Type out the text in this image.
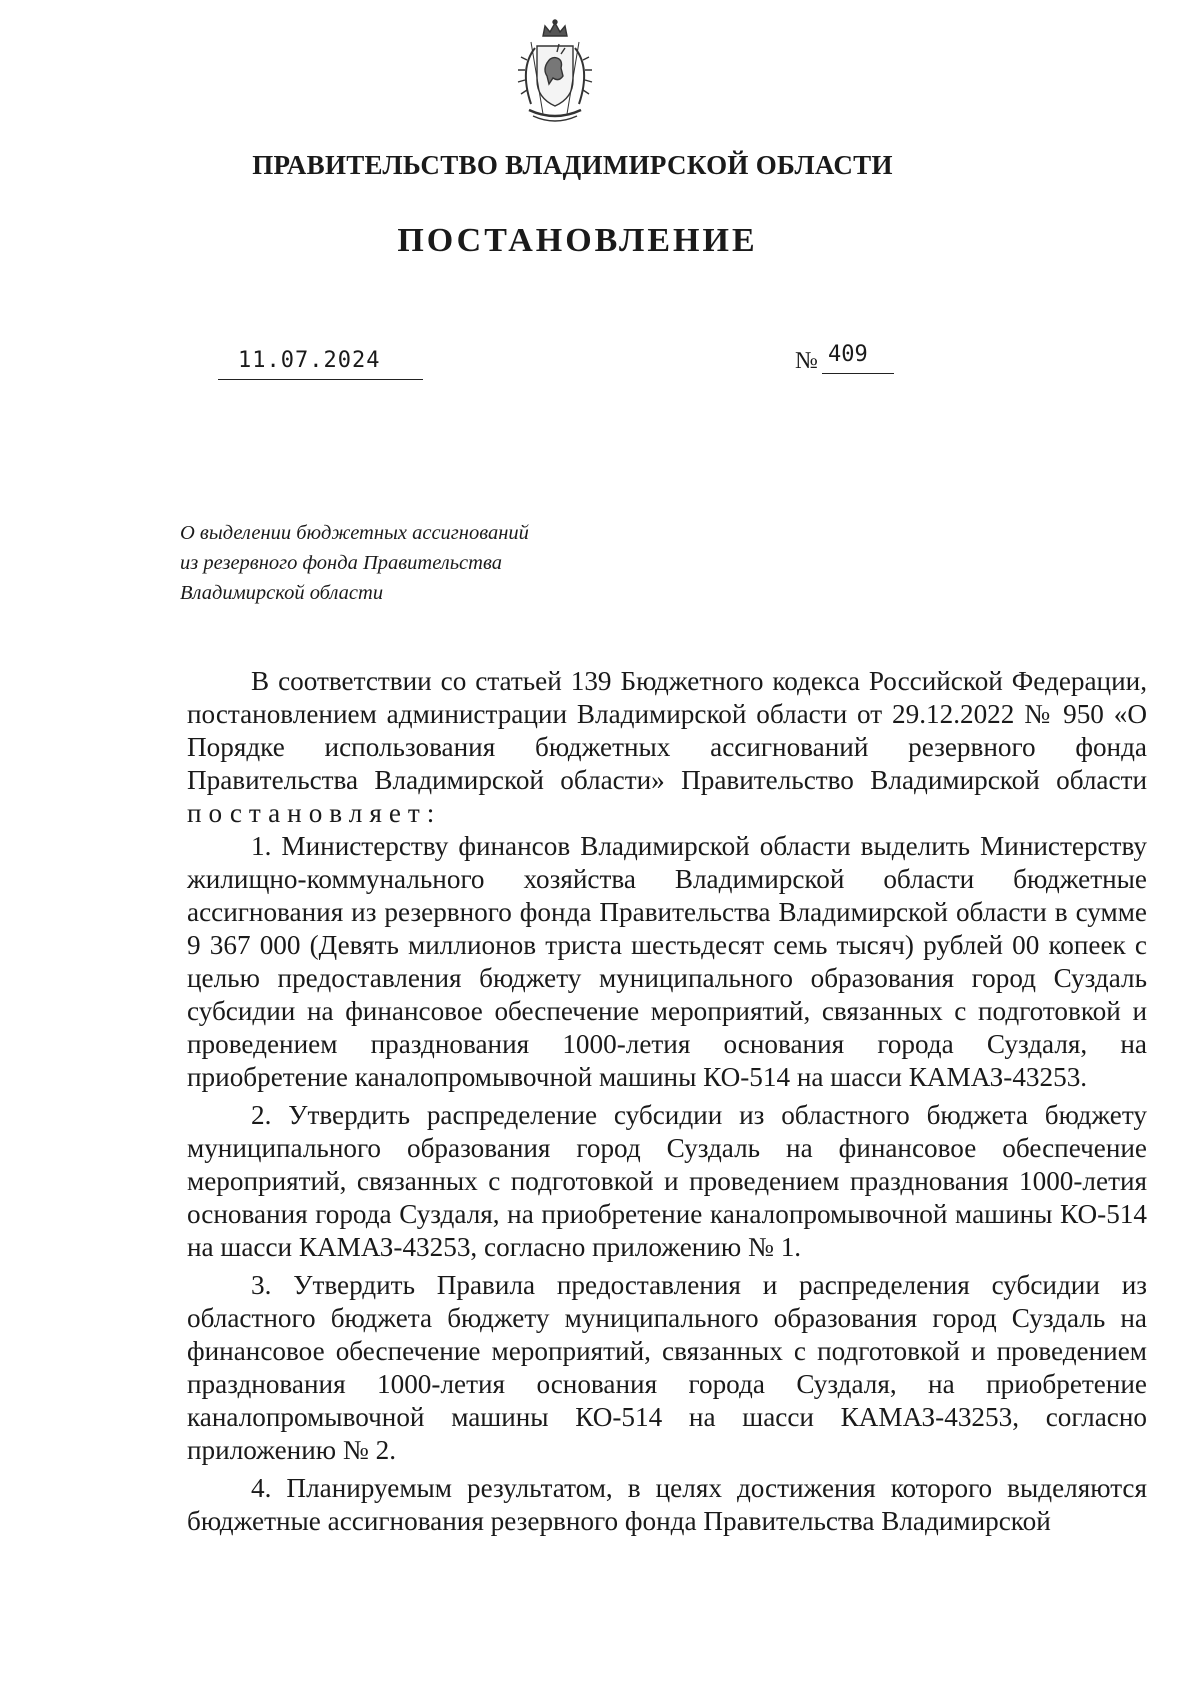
ПРАВИТЕЛЬСТВО ВЛАДИМИРСКОЙ ОБЛАСТИ
ПОСТАНОВЛЕНИЕ
11.07.2024	№ 409
О выделении бюджетных ассигнований
из резервного фонда Правительства
Владимирской области

В соответствии со статьей 139 Бюджетного кодекса Российской Федерации, постановлением администрации Владимирской области от 29.12.2022 № 950 «О Порядке использования бюджетных ассигнований резервного фонда Правительства Владимирской области» Правительство Владимирской области постановляет:

1. Министерству финансов Владимирской области выделить Министерству жилищно-коммунального хозяйства Владимирской области бюджетные ассигнования из резервного фонда Правительства Владимирской области в сумме 9 367 000 (Девять миллионов триста шестьдесят семь тысяч) рублей 00 копеек с целью предоставления бюджету муниципального образования город Суздаль субсидии на финансовое обеспечение мероприятий, связанных с подготовкой и проведением празднования 1000-летия основания города Суздаля, на приобретение каналопромывочной машины КО-514 на шасси КАМАЗ-43253.

2. Утвердить распределение субсидии из областного бюджета бюджету муниципального образования город Суздаль на финансовое обеспечение мероприятий, связанных с подготовкой и проведением празднования 1000-летия основания города Суздаля, на приобретение каналопромывочной машины КО-514 на шасси КАМАЗ-43253, согласно приложению № 1.

3. Утвердить Правила предоставления и распределения субсидии из областного бюджета бюджету муниципального образования город Суздаль на финансовое обеспечение мероприятий, связанных с подготовкой и проведением празднования 1000-летия основания города Суздаля, на приобретение каналопромывочной машины КО-514 на шасси КАМАЗ-43253, согласно приложению № 2.

4. Планируемым результатом, в целях достижения которого выделяются бюджетные ассигнования резервного фонда Правительства Владимирской
